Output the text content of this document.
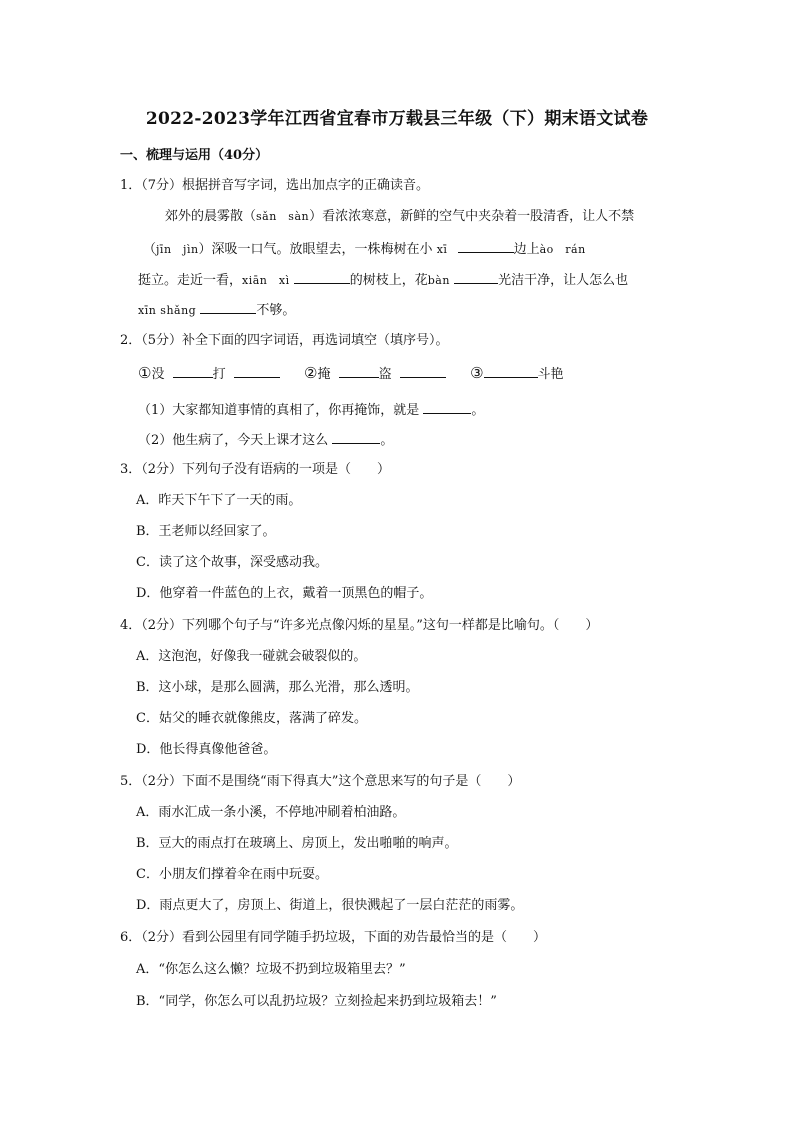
2022-2023学年江西省宜春市万载县三年级（下）期末语文试卷
一、梳理与运用（40分）
1．（7分）根据拼音写字词，选出加点字的正确读音。
郊外的晨雾散（sǎn　sàn）看浓浓寒意，新鲜的空气中夹杂着一股清香，让人不禁
（jīn　jìn）深吸一口气。放眼望去，一株梅树在小 xī	边上ào　rán
挺立。走近一看，xiān　xì	的树枝上，花bàn	光洁干净，让人怎么也
xīn shǎng	不够。
2．（5分）补全下面的四字词语，再选词填空（填序号）。
①没	打	②掩	盗	③	斗艳
（1）大家都知道事情的真相了，你再掩饰，就是	。
（2）他生病了，今天上课才这么	。
3．（2分）下列句子没有语病的一项是（　　）
A．昨天下午下了一天的雨。
B．王老师以经回家了。
C．读了这个故事，深受感动我。
D．他穿着一件蓝色的上衣，戴着一顶黑色的帽子。
4．（2分）下列哪个句子与“许多光点像闪烁的星星。”这句一样都是比喻句。（　　）
A．这泡泡，好像我一碰就会破裂似的。
B．这小球，是那么圆满，那么光滑，那么透明。
C．姑父的睡衣就像熊皮，落满了碎发。
D．他长得真像他爸爸。
5．（2分）下面不是围绕“雨下得真大”这个意思来写的句子是（　　）
A．雨水汇成一条小溪，不停地冲刷着柏油路。
B．豆大的雨点打在玻璃上、房顶上，发出啪啪的响声。
C．小朋友们撑着伞在雨中玩耍。
D．雨点更大了，房顶上、街道上，很快溅起了一层白茫茫的雨雾。
6．（2分）看到公园里有同学随手扔垃圾，下面的劝告最恰当的是（　　）
A．“你怎么这么懒？垃圾不扔到垃圾箱里去？”
B．“同学，你怎么可以乱扔垃圾？立刻捡起来扔到垃圾箱去！”
